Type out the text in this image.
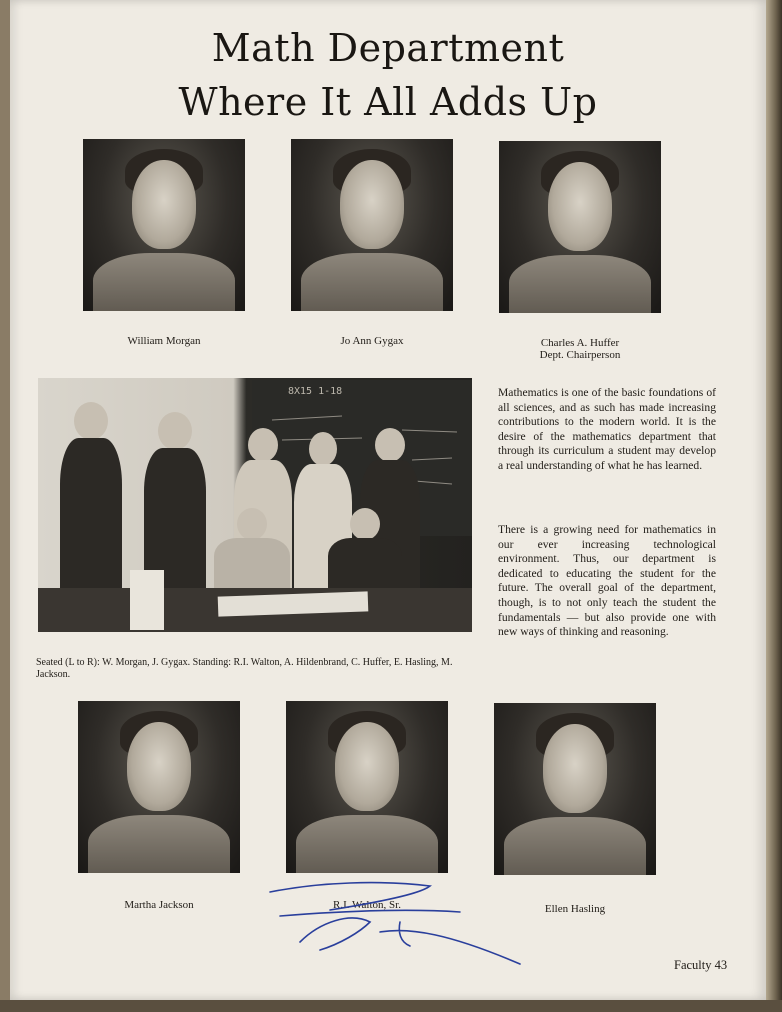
Math Department
Where It All Adds Up
William Morgan	Jo Ann Gygax	Charles A. Huffer
Dept. Chairperson
8X15 1-18
Seated (L to R): W. Morgan, J. Gygax. Standing: R.I. Walton, A. Hildenbrand, C. Huffer, E. Hasling, M. Jackson.
Mathematics is one of the basic foundations of all sciences, and as such has made increasing contributions to the modern world. It is the desire of the mathematics department that through its curriculum a student may develop a real understanding of what he has learned.
There is a growing need for mathematics in our ever increasing technological environment. Thus, our department is dedicated to educating the student for the future. The overall goal of the department, though, is to not only teach the student the fundamentals — but also provide one with new ways of thinking and reasoning.
Martha Jackson	R.I. Walton, Sr.	Ellen Hasling
Faculty 43
